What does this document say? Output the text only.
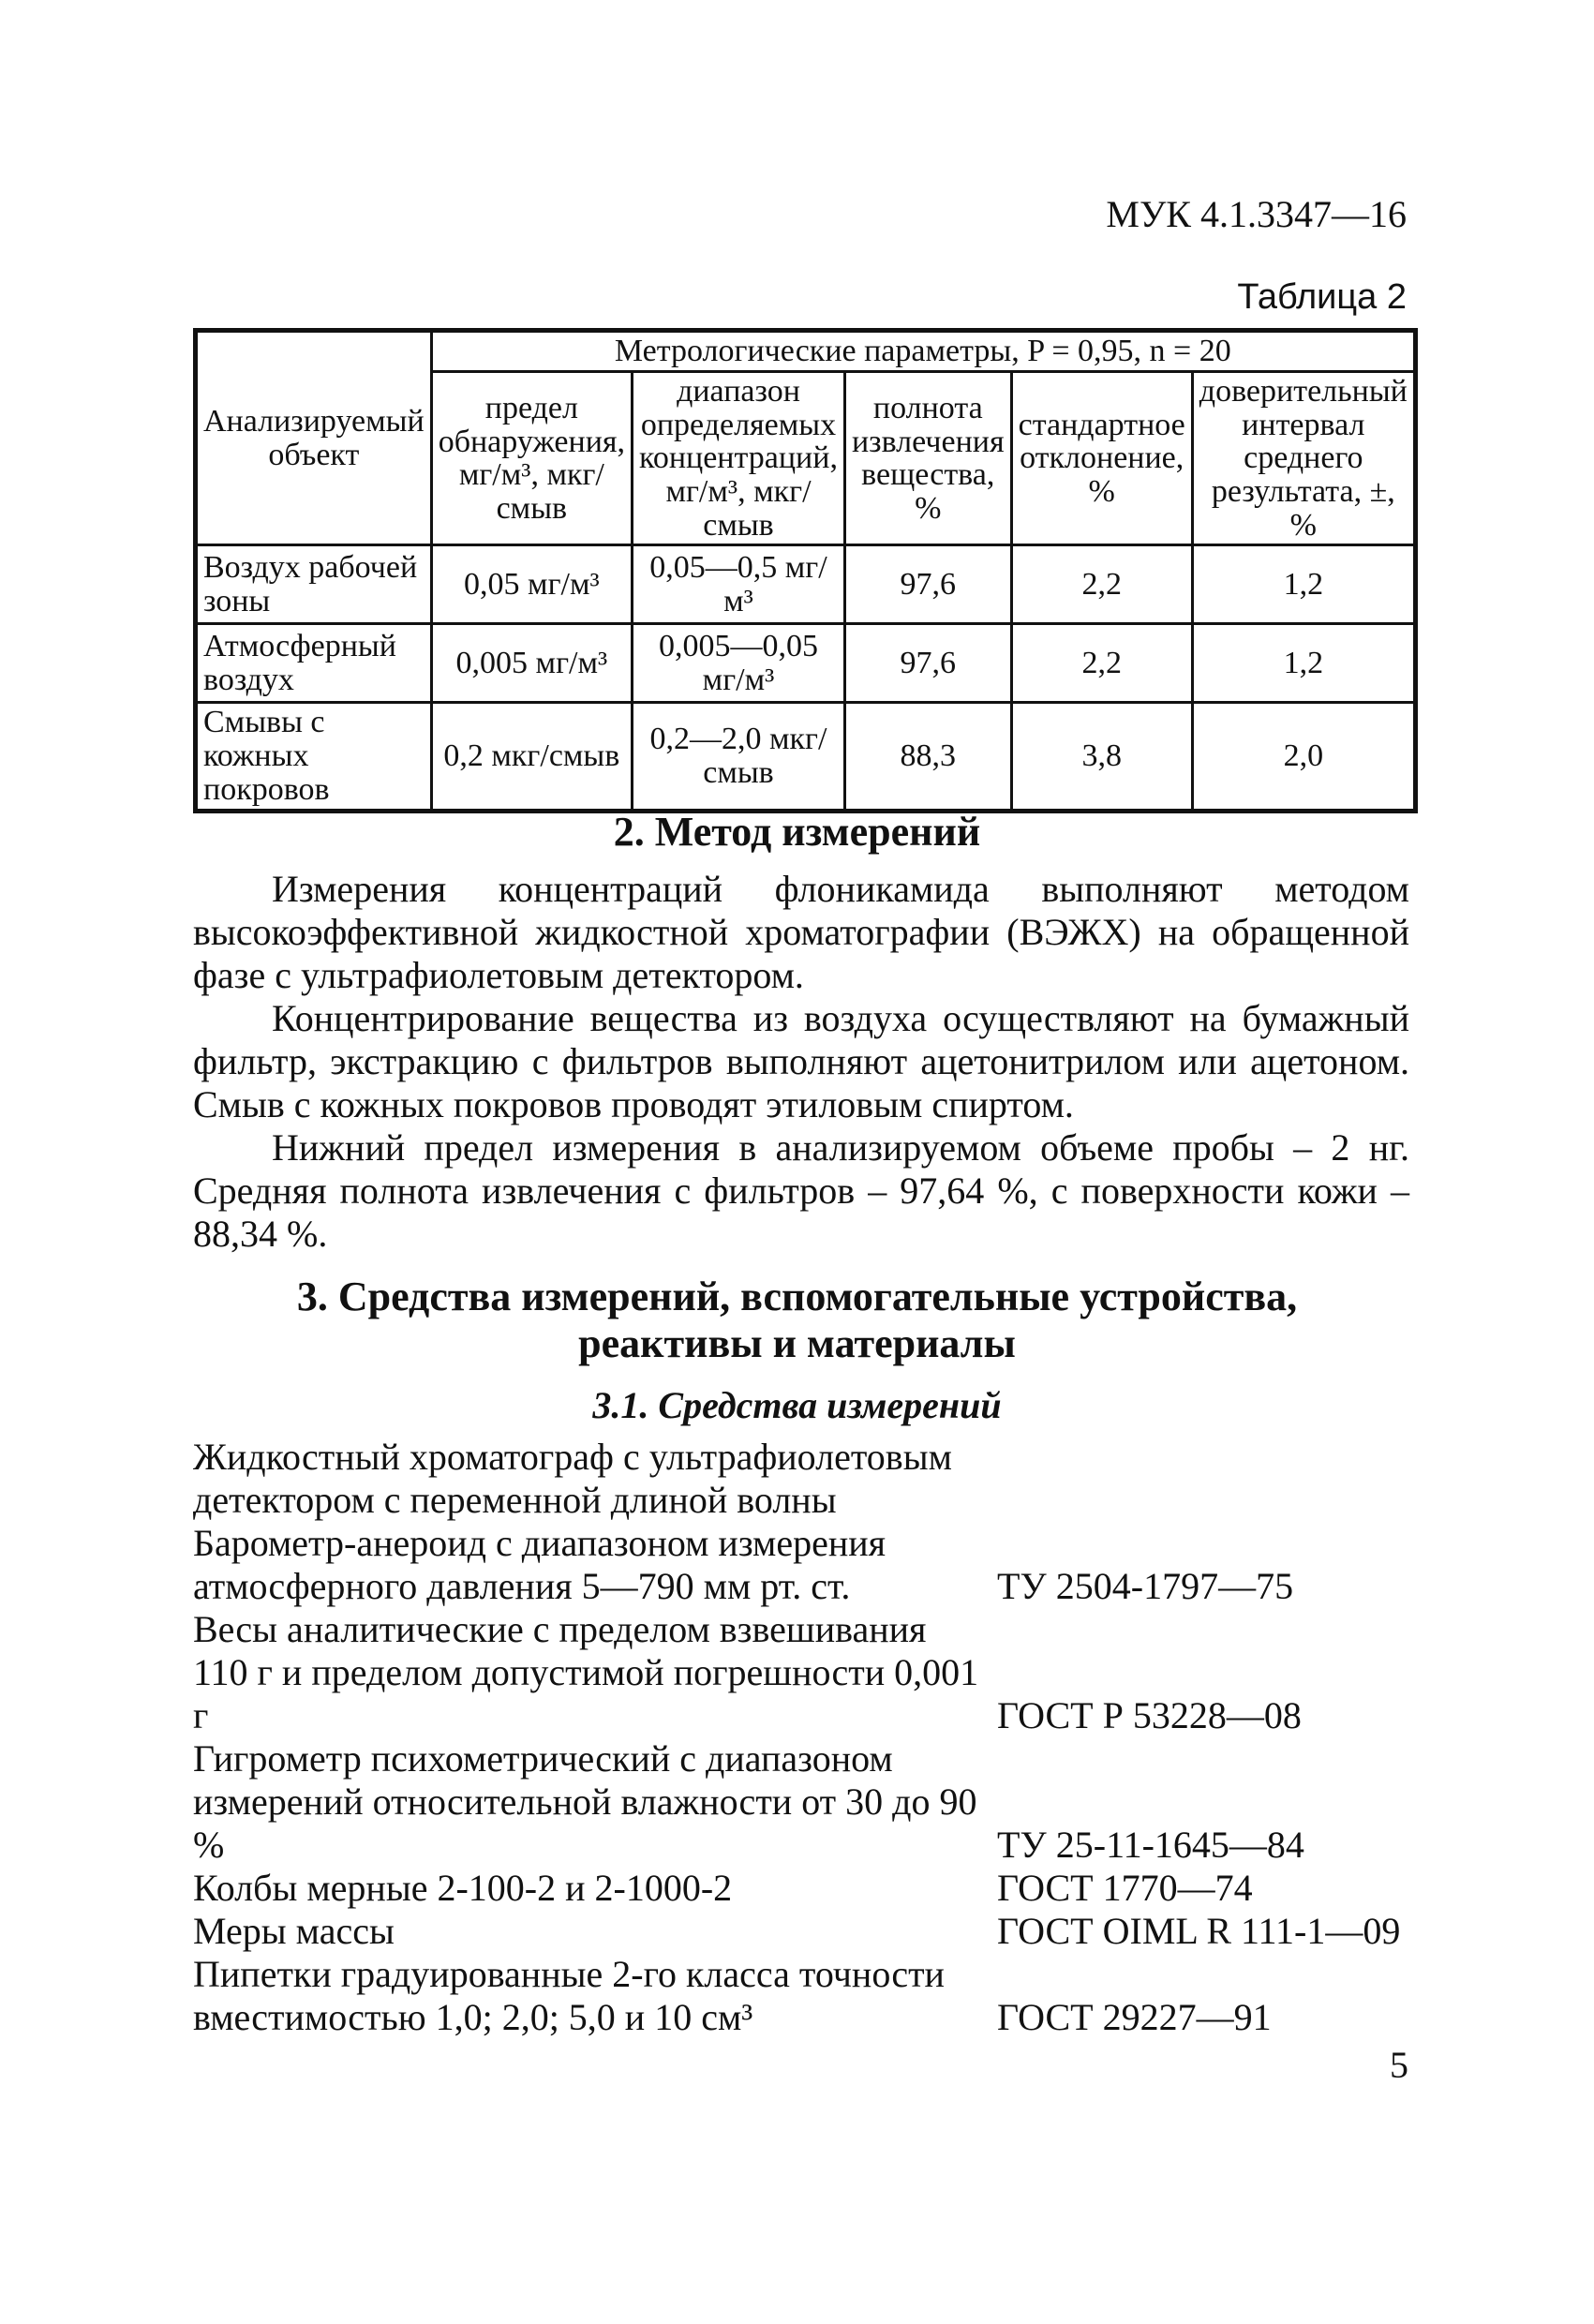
МУК 4.1.3347—16
Таблица 2
Анализируемый объект	Метрологические параметры, P = 0,95, n = 20				
	предел обнаружения, мг/м³, мкг/смыв	диапазон определяемых концентраций, мг/м³, мкг/смыв	полнота извлечения вещества, %	стандартное отклонение, %	доверительный интервал среднего результата, ±, %
Воздух рабочей зоны	0,05 мг/м³	0,05—0,5 мг/м³	97,6	2,2	1,2
Атмосферный воздух	0,005 мг/м³	0,005—0,05 мг/м³	97,6	2,2	1,2
Смывы с кожных покровов	0,2 мкг/смыв	0,2—2,0 мкг/смыв	88,3	3,8	2,0
2. Метод измерений

Измерения концентраций флоникамида выполняют методом высокоэффективной жидкостной хроматографии (ВЭЖХ) на обращенной фазе с ультрафиолетовым детектором.

Концентрирование вещества из воздуха осуществляют на бумажный фильтр, экстракцию с фильтров выполняют ацетонитрилом или ацетоном. Смыв с кожных покровов проводят этиловым спиртом.

Нижний предел измерения в анализируемом объеме пробы – 2 нг. Средняя полнота извлечения с фильтров – 97,64 %, с поверхности кожи – 88,34 %.

3. Средства измерений, вспомогательные устройства,
реактивы и материалы
3.1. Средства измерений
Жидкостный хроматограф с ультрафиолетовым детектором с переменной длиной волны
Барометр-анероид с диапазоном измерения атмосферного давления 5—790 мм рт. ст.	ТУ 2504-1797—75
Весы аналитические с пределом взвешивания 110 г и пределом допустимой погрешности 0,001 г	ГОСТ Р 53228—08
Гигрометр психометрический с диапазоном измерений относительной влажности от 30 до 90 %	ТУ 25-11-1645—84
Колбы мерные 2-100-2 и 2-1000-2	ГОСТ 1770—74
Меры массы	ГОСТ OIML R 111-1—09
Пипетки градуированные 2-го класса точности вместимостью 1,0; 2,0; 5,0 и 10 см³	ГОСТ 29227—91
5
